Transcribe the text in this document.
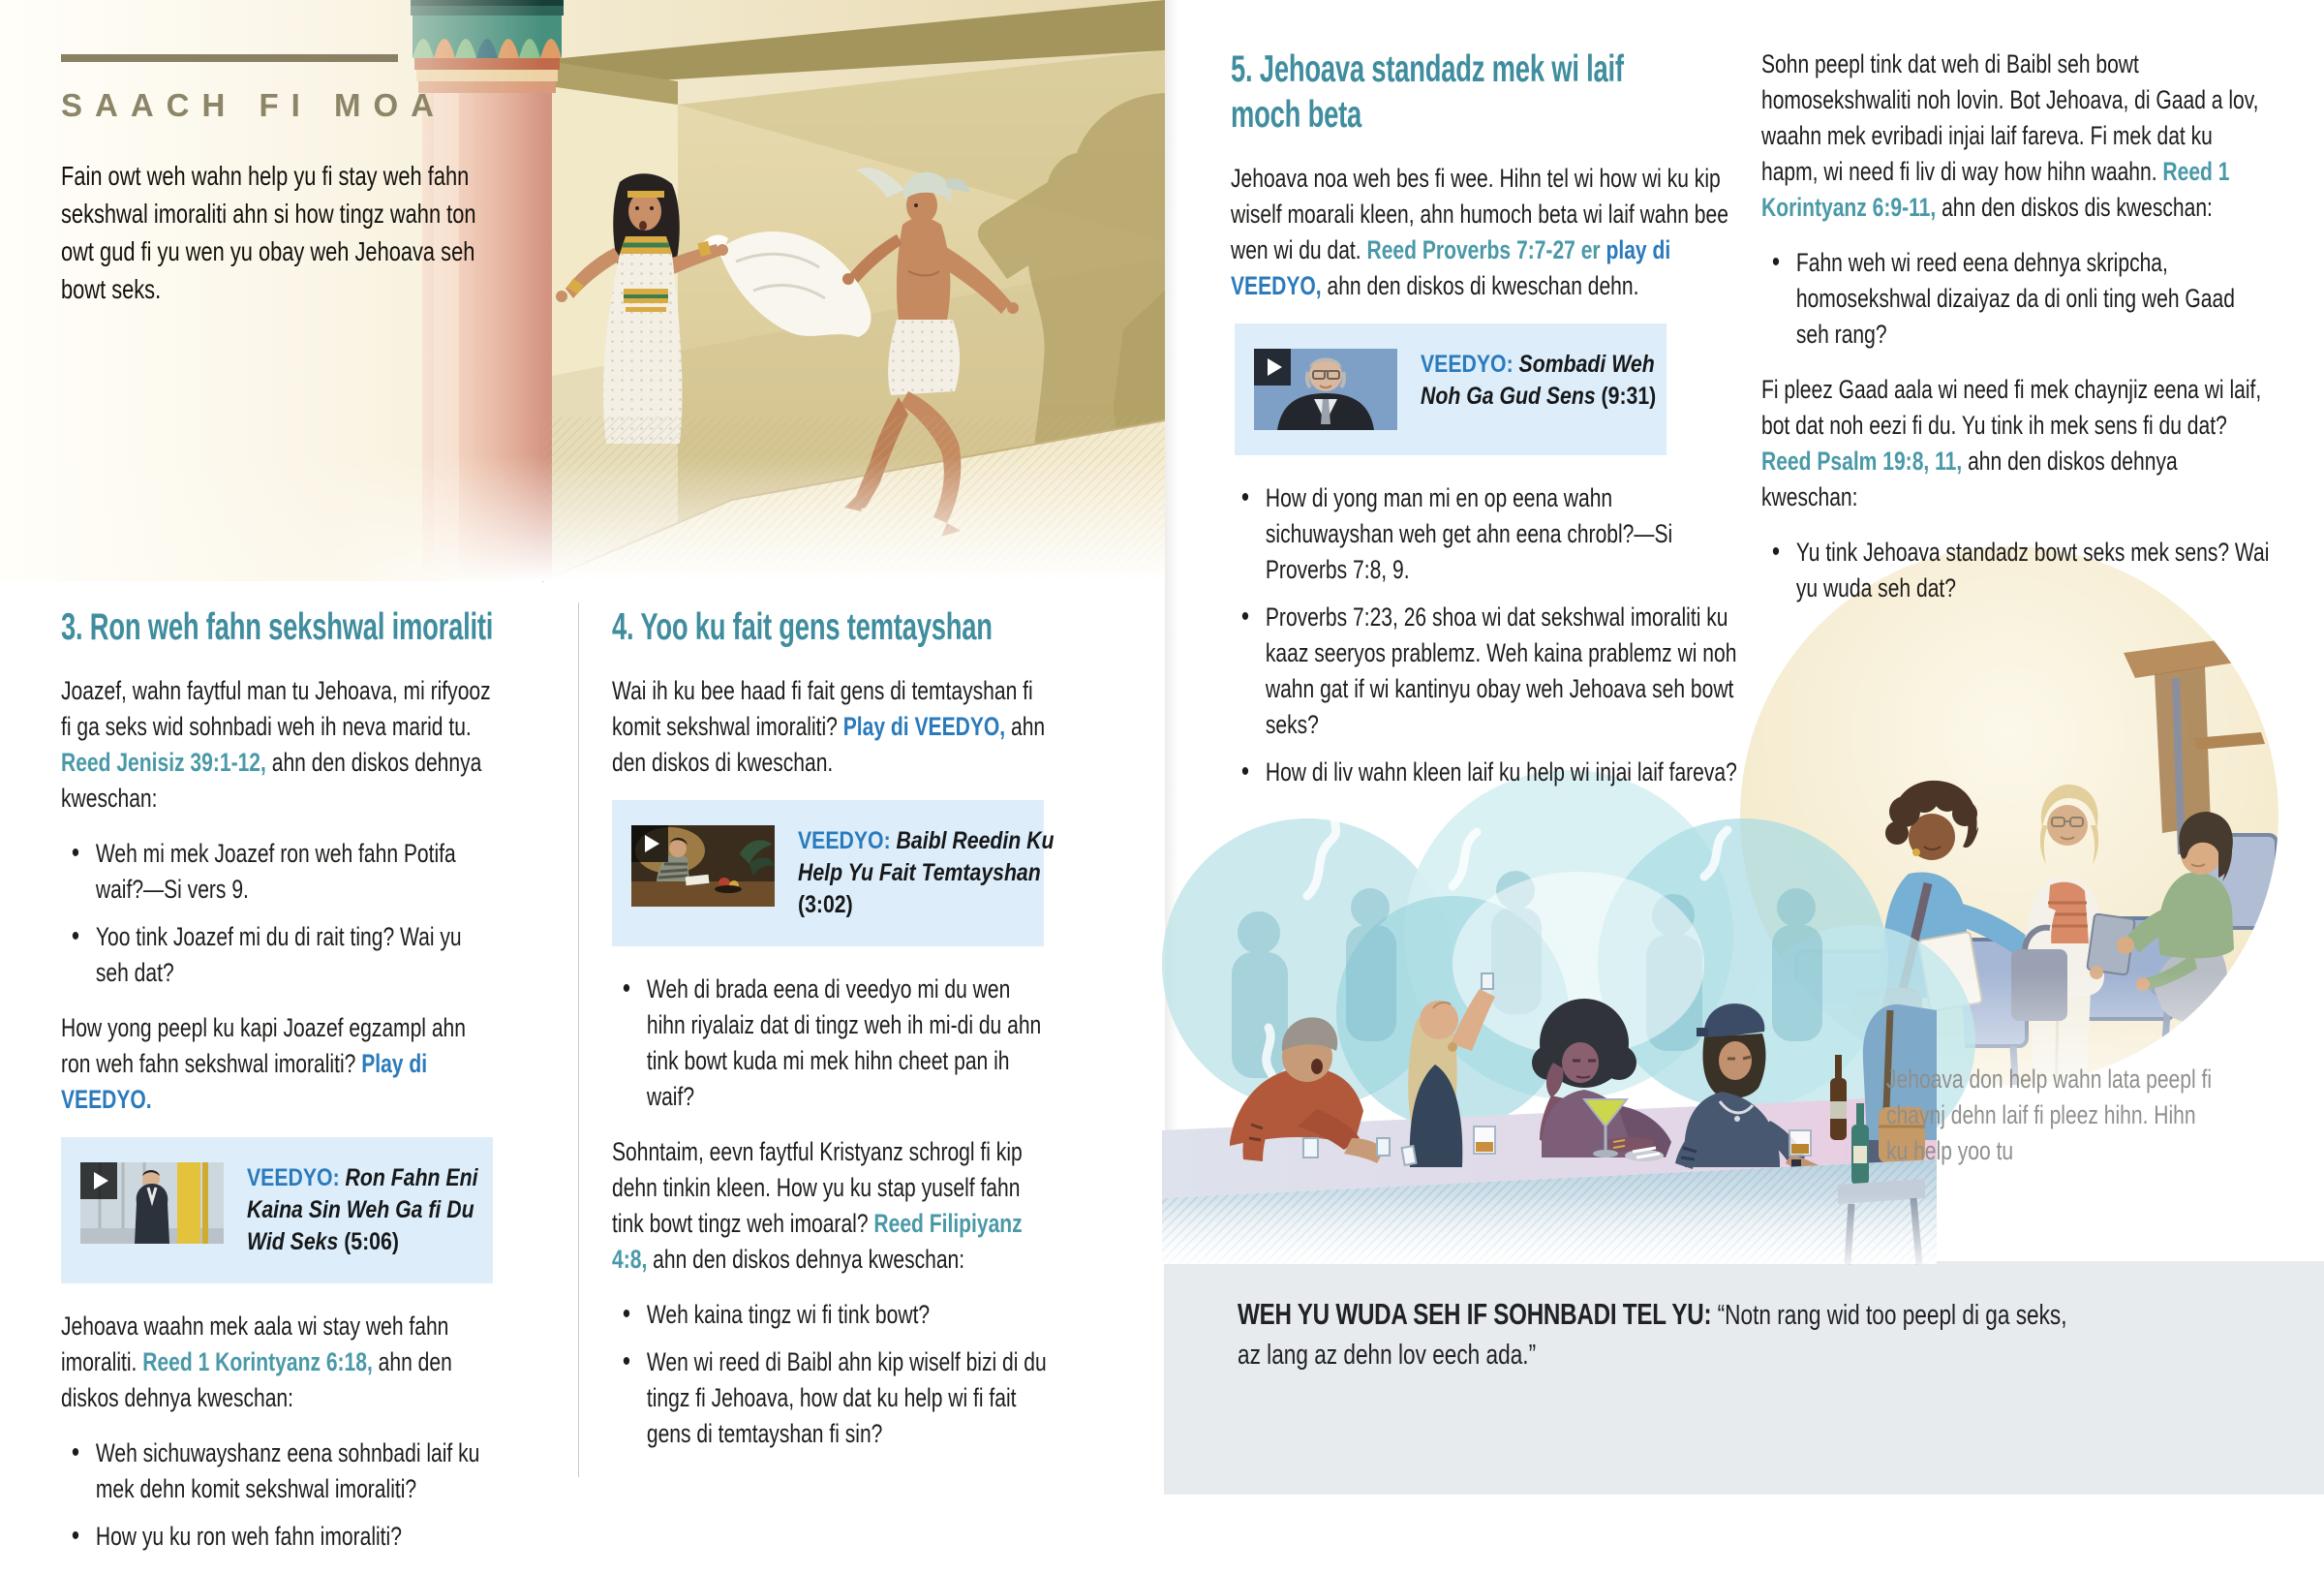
SAACH FI MOA
Fain owt weh wahn help yu fi stay weh fahn sekshwal imoraliti ahn si how tingz wahn ton owt gud fi yu wen yu obay weh Jehoava seh bowt seks.
3. Ron weh fahn sekshwal imoraliti

Joazef, wahn faytful man tu Jehoava, mi rifyooz fi ga seks wid sohnbadi weh ih neva marid tu. Reed Jenisiz 39:1-12, ahn den diskos dehnya kweschan:

• Weh mi mek Joazef ron weh fahn Potifa waif?—Si vers 9.
• Yoo tink Joazef mi du di rait ting? Wai yu seh dat?

How yong peepl ku kapi Joazef egzampl ahn ron weh fahn sekshwal imoraliti? Play di VEEDYO.

VEEDYO: Ron Fahn Eni Kaina Sin Weh Ga fi Du Wid Seks (5:06)

Jehoava waahn mek aala wi stay weh fahn imoraliti. Reed 1 Korintyanz 6:18, ahn den diskos dehnya kweschan:

• Weh sichuwayshanz eena sohnbadi laif ku mek dehn komit sekshwal imoraliti?
• How yu ku ron weh fahn imoraliti?
4. Yoo ku fait gens temtayshan

Wai ih ku bee haad fi fait gens di temtayshan fi komit sekshwal imoraliti? Play di VEEDYO, ahn den diskos di kweschan.

VEEDYO: Baibl Reedin Ku Help Yu Fait Temtayshan (3:02)
• Weh di brada eena di veedyo mi du wen hihn riyalaiz dat di tingz weh ih mi-di du ahn tink bowt kuda mi mek hihn cheet pan ih waif?

Sohntaim, eevn faytful Kristyanz schrogl fi kip dehn tinkin kleen. How yu ku stap yuself fahn tink bowt tingz weh imoaral? Reed Filipiyanz 4:8, ahn den diskos dehnya kweschan:

• Weh kaina tingz wi fi tink bowt?
• Wen wi reed di Baibl ahn kip wiself bizi di du tingz fi Jehoava, how dat ku help wi fi fait gens di temtayshan fi sin?
5. Jehoava standadz mek wi laif moch beta

Jehoava noa weh bes fi wee. Hihn tel wi how wi ku kip wiself moarali kleen, ahn humoch beta wi laif wahn bee wen wi du dat. Reed Proverbs 7:7-27 er play di VEEDYO, ahn den diskos di kweschan dehn.

VEEDYO: Sombadi Weh Noh Ga Gud Sens (9:31)
• How di yong man mi en op eena wahn sichuwayshan weh get ahn eena chrobl?—Si Proverbs 7:8, 9.
• Proverbs 7:23, 26 shoa wi dat sekshwal imoraliti ku kaaz seeryos prablemz. Weh kaina prablemz wi noh wahn gat if wi kantinyu obay weh Jehoava seh bowt seks?
• How di liv wahn kleen laif ku help wi injai laif fareva?

Sohn peepl tink dat weh di Baibl seh bowt homosekshwaliti noh lovin. Bot Jehoava, di Gaad a lov, waahn mek evribadi injai laif fareva. Fi mek dat ku hapm, wi need fi liv di way how hihn waahn. Reed 1 Korintyanz 6:9-11, ahn den diskos dis kweschan:

• Fahn weh wi reed eena dehnya skripcha, homosekshwal dizaiyaz da di onli ting weh Gaad seh rang?

Fi pleez Gaad aala wi need fi mek chaynjiz eena wi laif, bot dat noh eezi fi du. Yu tink ih mek sens fi du dat? Reed Psalm 19:8, 11, ahn den diskos dehnya kweschan:

• Yu tink Jehoava standadz bowt seks mek sens? Wai yu wuda seh dat?
Jehoava don help wahn lata peepl fi chaynj dehn laif fi pleez hihn. Hihn ku help yoo tu
WEH YU WUDA SEH IF SOHNBADI TEL YU: “Notn rang wid too peepl di ga seks, az lang az dehn lov eech ada.”
